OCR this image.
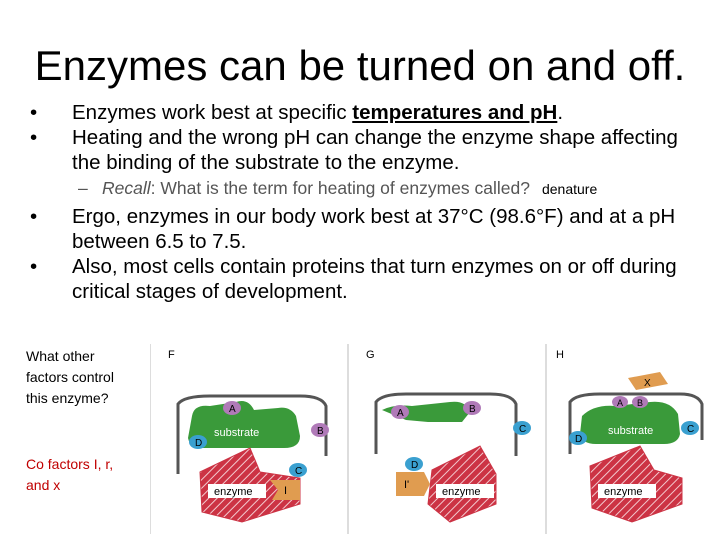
Enzymes can be turned on and off.
• Enzymes work best at specific temperatures and pH.
• Heating and the wrong pH can change the enzyme shape affecting the binding of the substrate to the enzyme.
– Recall: What is the term for heating of enzymes called? denature
• Ergo, enzymes in our body work best at 37°C (98.6°F) and at a pH between 6.5 to 7.5.
• Also, most cells contain proteins that turn enzymes on or off during critical stages of development.
What other factors control this enzyme?
Co factors I, r, and x
F
substrate
A
B
D
C
enzyme	I
G
A	B
C
D
enzyme
I'
H
X
substrate
A B
D
C
enzyme
